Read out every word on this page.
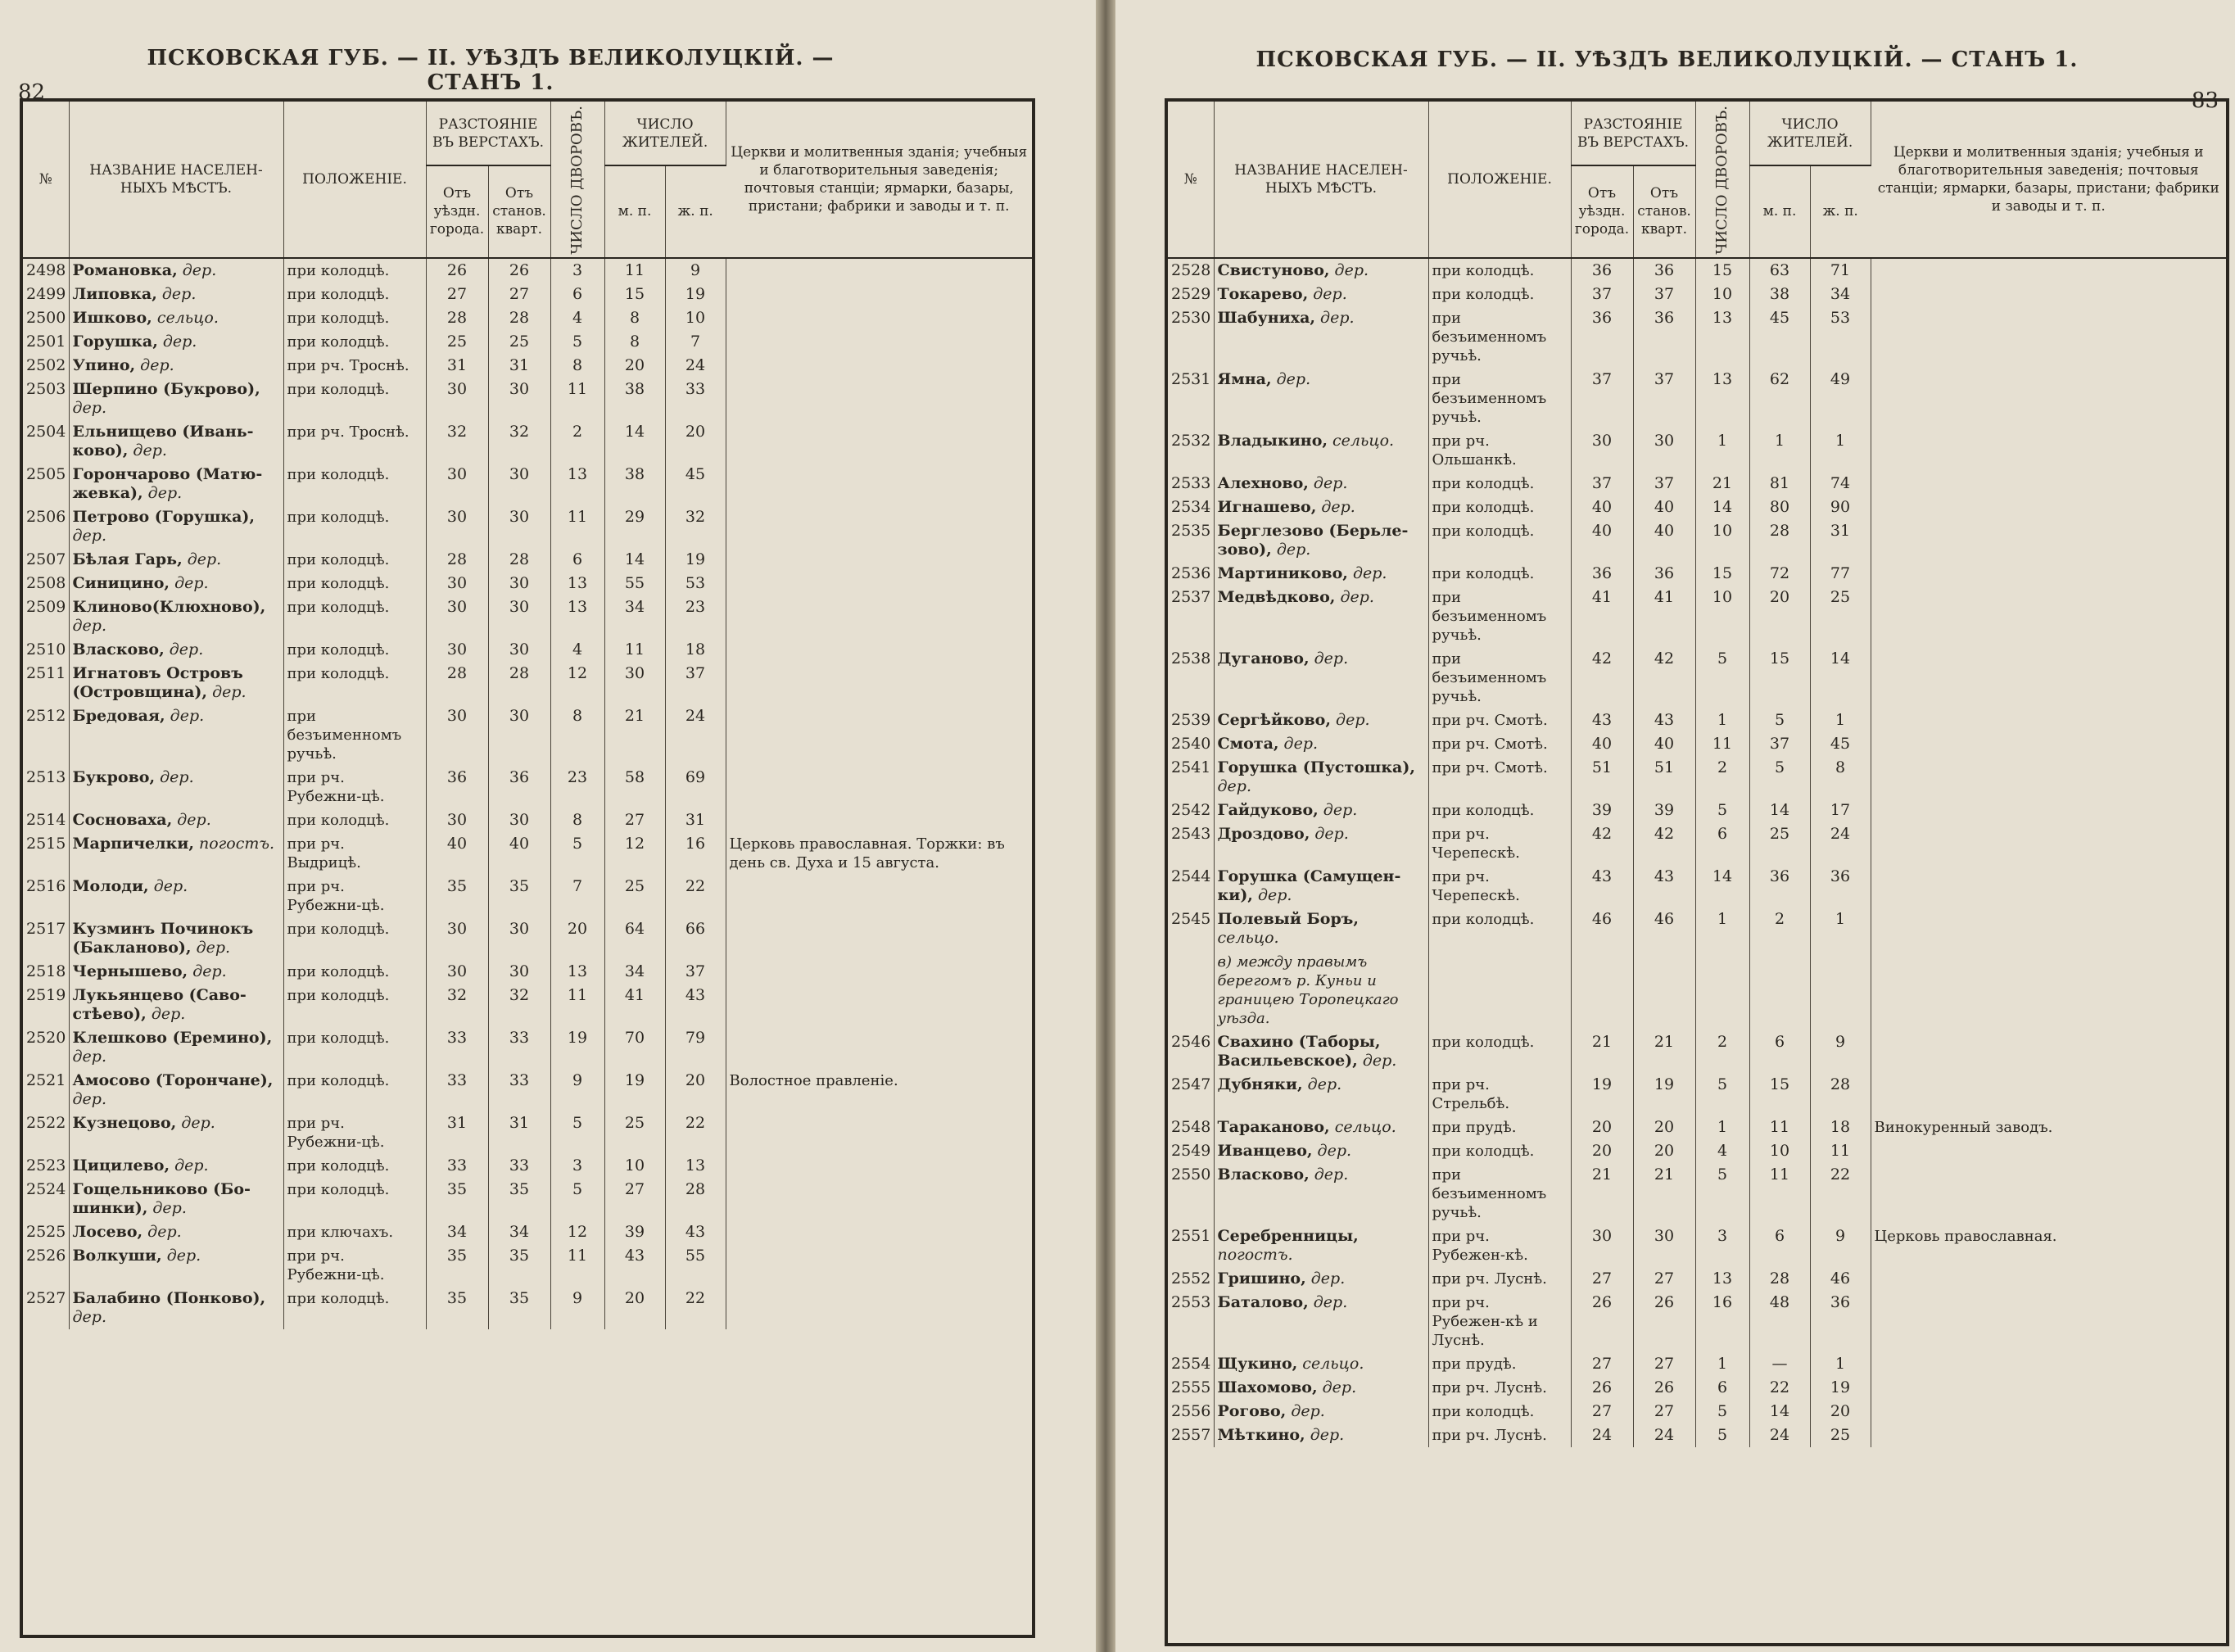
82
ПСКОВСКАЯ ГУБ. — II. УѢЗДЪ ВЕЛИКОЛУЦКІЙ. — СТАНЪ 1.
№	НАЗВАНИЕ НАСЕЛЕН-НЫХЪ МѢСТЪ.	ПОЛОЖЕНІЕ.	РАЗСТОЯНІЕ ВЪ ВЕРСТАХЪ.		ЧИСЛО ДВОРОВЪ.	ЧИСЛО ЖИТЕЛЕЙ.		Церкви и молитвенныя зданія; учебныя и благотворительныя заведенія; почтовыя станціи; ярмарки, базары, пристани; фабрики и заводы и т. п.
			Отъ уѣздн. города.	Отъ станов. кварт.		м. п.	ж. п.	
2498	Романовка, дер.	при колодцѣ.	26	26	3	11	9	
2499	Липовка, дер.	при колодцѣ.	27	27	6	15	19	
2500	Ишково, сельцо.	при колодцѣ.	28	28	4	8	10	
2501	Горушка, дер.	при колодцѣ.	25	25	5	8	7	
2502	Упино, дер.	при рч. Троснѣ.	31	31	8	20	24	
2503	Шерпино (Букрово), дер.	при колодцѣ.	30	30	11	38	33	
2504	Ельнищево (Ивань-ково), дер.	при рч. Троснѣ.	32	32	2	14	20	
2505	Горончарово (Матю-жевка), дер.	при колодцѣ.	30	30	13	38	45	
2506	Петрово (Горушка), дер.	при колодцѣ.	30	30	11	29	32	
2507	Бѣлая Гарь, дер.	при колодцѣ.	28	28	6	14	19	
2508	Синицино, дер.	при колодцѣ.	30	30	13	55	53	
2509	Клиново(Клюхново), дер.	при колодцѣ.	30	30	13	34	23	
2510	Власково, дер.	при колодцѣ.	30	30	4	11	18	
2511	Игнатовъ Островъ (Островщина), дер.	при колодцѣ.	28	28	12	30	37	
2512	Бредовая, дер.	при безъименномъ ручьѣ.	30	30	8	21	24	
2513	Букрово, дер.	при рч. Рубежни-цѣ.	36	36	23	58	69	
2514	Сосноваха, дер.	при колодцѣ.	30	30	8	27	31	
2515	Марпичелки, погостъ.	при рч. Выдрицѣ.	40	40	5	12	16	Церковь православная. Торжки: въ день св. Духа и 15 августа.
2516	Молоди, дер.	при рч. Рубежни-цѣ.	35	35	7	25	22	
2517	Кузминъ Починокъ (Бакланово), дер.	при колодцѣ.	30	30	20	64	66	
2518	Чернышево, дер.	при колодцѣ.	30	30	13	34	37	
2519	Лукьянцево (Саво-стѣево), дер.	при колодцѣ.	32	32	11	41	43	
2520	Клешково (Еремино), дер.	при колодцѣ.	33	33	19	70	79	
2521	Амосово (Торончане), дер.	при колодцѣ.	33	33	9	19	20	Волостное правленіе.
2522	Кузнецово, дер.	при рч. Рубежни-цѣ.	31	31	5	25	22	
2523	Цицилево, дер.	при колодцѣ.	33	33	3	10	13	
2524	Гощельниково (Бо-шинки), дер.	при колодцѣ.	35	35	5	27	28	
2525	Лосево, дер.	при ключахъ.	34	34	12	39	43	
2526	Волкуши, дер.	при рч. Рубежни-цѣ.	35	35	11	43	55	
2527	Балабино (Понково), дер.	при колодцѣ.	35	35	9	20	22	
83
ПСКОВСКАЯ ГУБ. — II. УѢЗДЪ ВЕЛИКОЛУЦКІЙ. — СТАНЪ 1.
№	НАЗВАНИЕ НАСЕЛЕН-НЫХЪ МѢСТЪ.	ПОЛОЖЕНІЕ.	РАЗСТОЯНІЕ ВЪ ВЕРСТАХЪ.		ЧИСЛО ДВОРОВЪ.	ЧИСЛО ЖИТЕЛЕЙ.		Церкви и молитвенныя зданія; учебныя и благотворительныя заведенія; почтовыя станціи; ярмарки, базары, пристани; фабрики и заводы и т. п.
			Отъ уѣздн. города.	Отъ станов. кварт.		м. п.	ж. п.	
2528	Свистуново, дер.	при колодцѣ.	36	36	15	63	71	
2529	Токарево, дер.	при колодцѣ.	37	37	10	38	34	
2530	Шабуниха, дер.	при безъименномъ ручьѣ.	36	36	13	45	53	
2531	Ямна, дер.	при безъименномъ ручьѣ.	37	37	13	62	49	
2532	Владыкино, сельцо.	при рч. Ольшанкѣ.	30	30	1	1	1	
2533	Алехново, дер.	при колодцѣ.	37	37	21	81	74	
2534	Игнашево, дер.	при колодцѣ.	40	40	14	80	90	
2535	Берглезово (Берьле-зово), дер.	при колодцѣ.	40	40	10	28	31	
2536	Мартиниково, дер.	при колодцѣ.	36	36	15	72	77	
2537	Медвѣдково, дер.	при безъименномъ ручьѣ.	41	41	10	20	25	
2538	Дуганово, дер.	при безъименномъ ручьѣ.	42	42	5	15	14	
2539	Сергѣйково, дер.	при рч. Смотѣ.	43	43	1	5	1	
2540	Смота, дер.	при рч. Смотѣ.	40	40	11	37	45	
2541	Горушка (Пустошка), дер.	при рч. Смотѣ.	51	51	2	5	8	
2542	Гайдуково, дер.	при колодцѣ.	39	39	5	14	17	
2543	Дроздово, дер.	при рч. Черепескѣ.	42	42	6	25	24	
2544	Горушка (Самущен-ки), дер.	при рч. Черепескѣ.	43	43	14	36	36	
2545	Полевый Боръ, сельцо.	при колодцѣ.	46	46	1	2	1	
	в) между правымъ берегомъ р. Куньи и границею Торопецкаго уѣзда.							
2546	Свахино (Таборы, Васильевское), дер.	при колодцѣ.	21	21	2	6	9	
2547	Дубняки, дер.	при рч. Стрельбѣ.	19	19	5	15	28	
2548	Тараканово, сельцо.	при прудѣ.	20	20	1	11	18	Винокуренный заводъ.
2549	Иванцево, дер.	при колодцѣ.	20	20	4	10	11	
2550	Власково, дер.	при безъименномъ ручьѣ.	21	21	5	11	22	
2551	Серебренницы, погостъ.	при рч. Рубежен-кѣ.	30	30	3	6	9	Церковь православная.
2552	Гришино, дер.	при рч. Луснѣ.	27	27	13	28	46	
2553	Баталово, дер.	при рч. Рубежен-кѣ и Луснѣ.	26	26	16	48	36	
2554	Щукино, сельцо.	при прудѣ.	27	27	1	—	1	
2555	Шахомово, дер.	при рч. Луснѣ.	26	26	6	22	19	
2556	Рогово, дер.	при колодцѣ.	27	27	5	14	20	
2557	Мѣткино, дер.	при рч. Луснѣ.	24	24	5	24	25	
